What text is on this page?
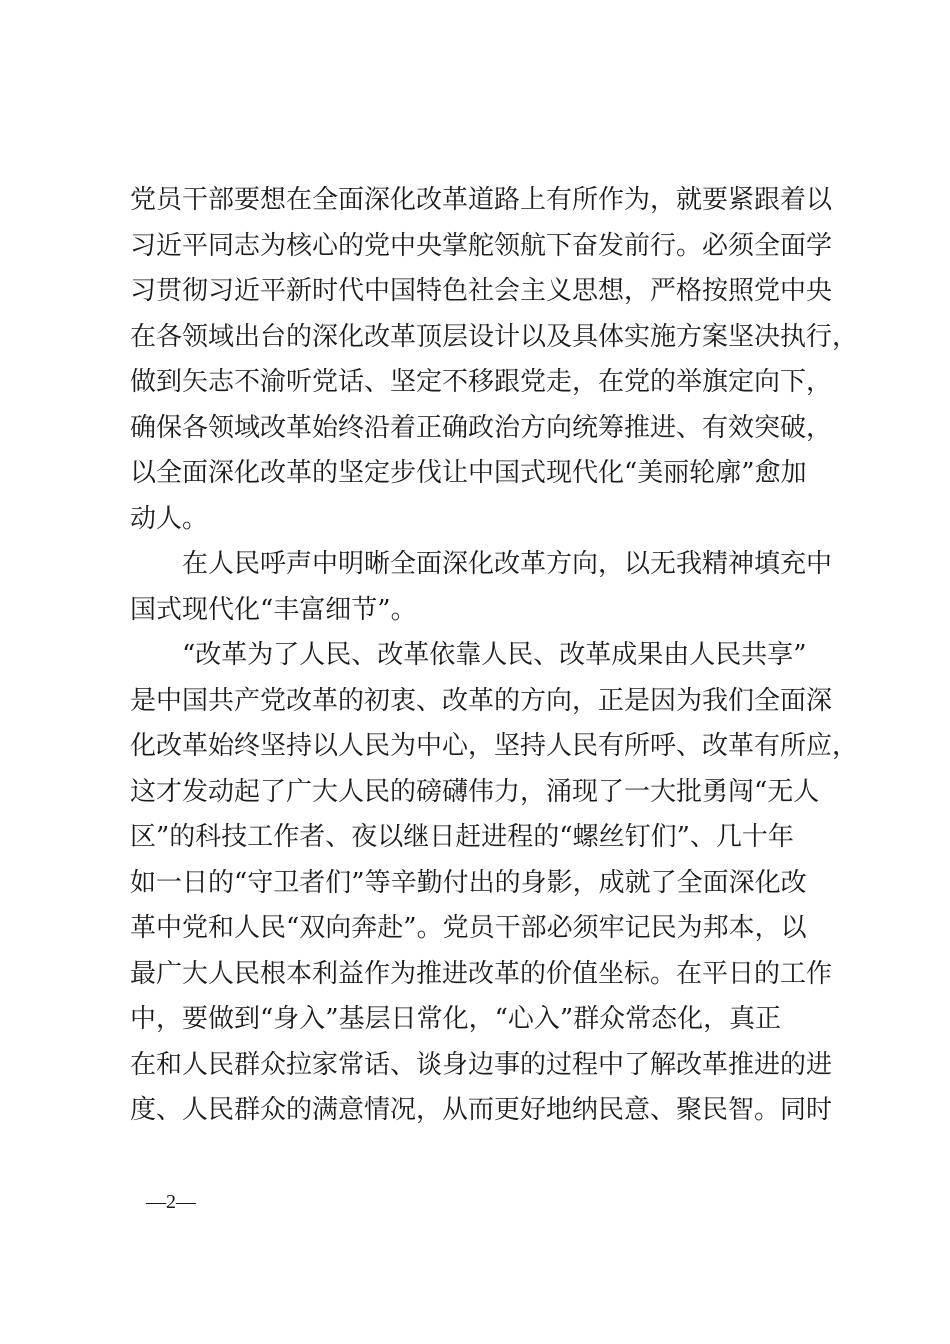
党员干部要想在全面深化改革道路上有所作为，就要紧跟着以
习近平同志为核心的党中央掌舵领航下奋发前行。必须全面学
习贯彻习近平新时代中国特色社会主义思想，严格按照党中央
在各领域出台的深化改革顶层设计以及具体实施方案坚决执行，
做到矢志不渝听党话、坚定不移跟党走，在党的举旗定向下，
确保各领域改革始终沿着正确政治方向统筹推进、有效突破，
以全面深化改革的坚定步伐让中国式现代化“美丽轮廓”愈加
动人。
　　在人民呼声中明晰全面深化改革方向，以无我精神填充中
国式现代化“丰富细节”。
　　“改革为了人民、改革依靠人民、改革成果由人民共享”
是中国共产党改革的初衷、改革的方向，正是因为我们全面深
化改革始终坚持以人民为中心，坚持人民有所呼、改革有所应，
这才发动起了广大人民的磅礴伟力，涌现了一大批勇闯“无人
区”的科技工作者、夜以继日赶进程的“螺丝钉们”、几十年
如一日的“守卫者们”等辛勤付出的身影，成就了全面深化改
革中党和人民“双向奔赴”。党员干部必须牢记民为邦本，以
最广大人民根本利益作为推进改革的价值坐标。在平日的工作
中，要做到“身入”基层日常化，“心入”群众常态化，真正
在和人民群众拉家常话、谈身边事的过程中了解改革推进的进
度、人民群众的满意情况，从而更好地纳民意、聚民智。同时
—2—
